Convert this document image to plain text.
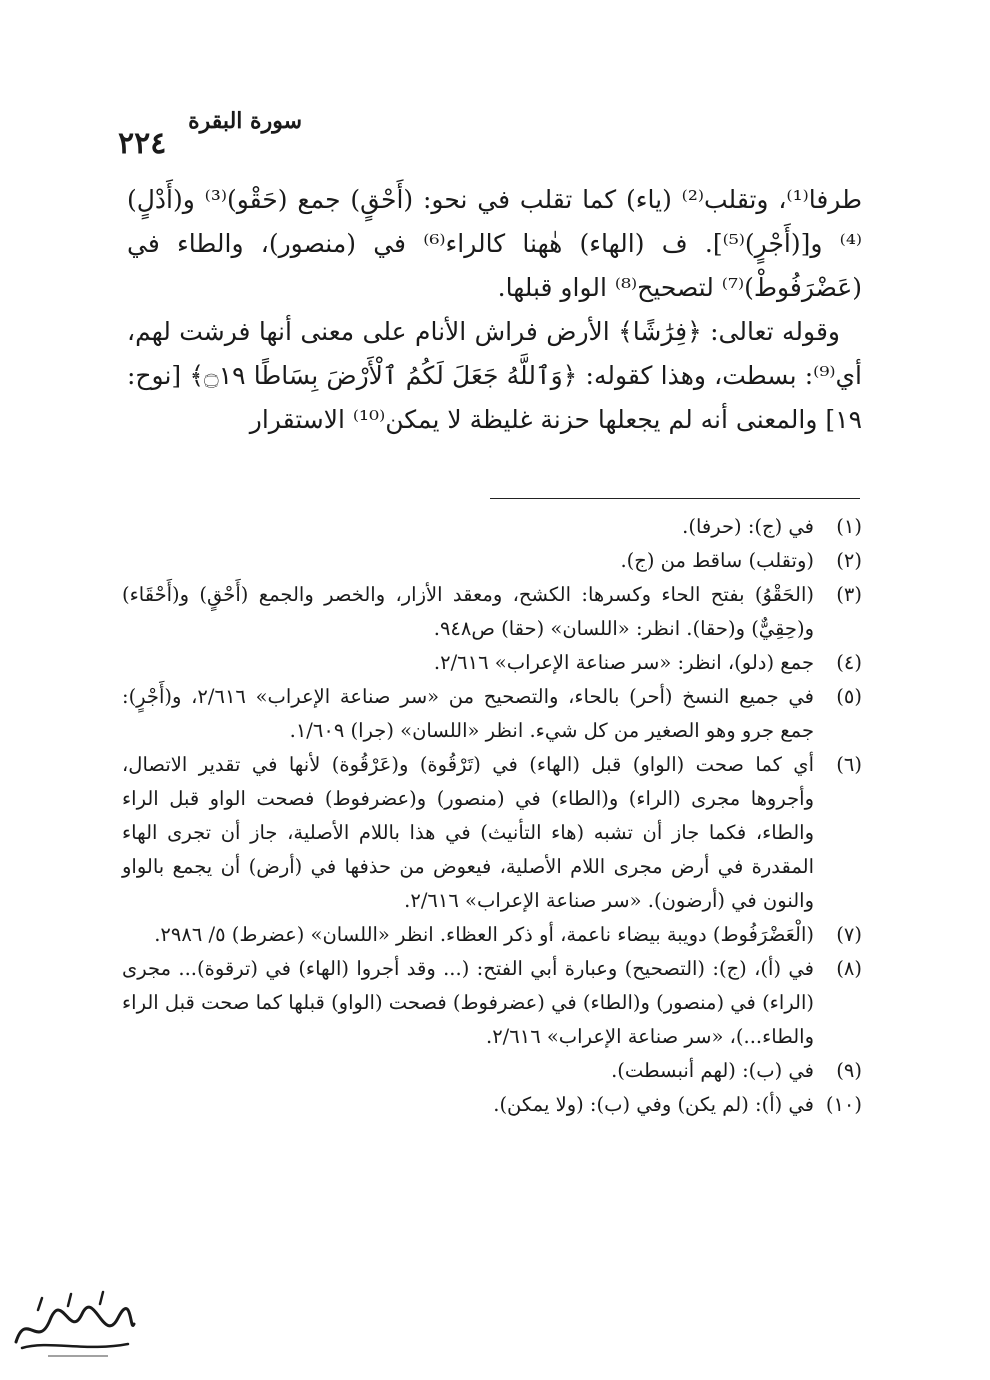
سورة البقرة
٢٢٤

طرفا⁽¹⁾، وتقلب⁽²⁾ (ياء) كما تقلب في نحو: (أَحْقٍ) جمع (حَقْو)⁽³⁾ و(أَدْلٍ)⁽⁴⁾ و[(أَجْرٍ)⁽⁵⁾]. ف (الهاء) هٰهنا كالراء⁽⁶⁾ في (منصور)، والطاء في (عَضْرَفُوطْ)⁽⁷⁾ لتصحيح⁽⁸⁾ الواو قبلها.

وقوله تعالى: ﴿فِرَٰشًا﴾ الأرض فراش الأنام على معنى أنها فرشت لهم، أي⁽⁹⁾: بسطت، وهذا كقوله: ﴿وَٱللَّهُ جَعَلَ لَكُمُ ٱلْأَرْضَ بِسَاطًا ۝١٩﴾ [نوح: ١٩] والمعنى أنه لم يجعلها حزنة غليظة لا يمكن⁽¹⁰⁾ الاستقرار

(١)
في (ج): (حرفا).
(٢)
(وتقلب) ساقط من (ج).
(٣)
(الحَقْوُ) بفتح الحاء وكسرها: الكشح، ومعقد الأزار، والخصر والجمع (أَحْقٍ) و(أَحْقَاء) و(حِقِيٌّ) و(حقا). انظر: «اللسان» (حقا) ص٩٤٨.
(٤)
جمع (دلو)، انظر: «سر صناعة الإعراب» ٢/٦١٦.
(٥)
في جميع النسخ (أحر) بالحاء، والتصحيح من «سر صناعة الإعراب» ٢/٦١٦، و(أَجْرٍ): جمع جرو وهو الصغير من كل شيء. انظر «اللسان» (جرا) ١/٦٠٩.
(٦)
أي كما صحت (الواو) قبل (الهاء) في (تَرْقُوة) و(عَرْقُوة) لأنها في تقدير الاتصال، وأجروها مجرى (الراء) و(الطاء) في (منصور) و(عضرفوط) فصحت الواو قبل الراء والطاء، فكما جاز أن تشبه (هاء التأنيث) في هذا باللام الأصلية، جاز أن تجرى الهاء المقدرة في أرض مجرى اللام الأصلية، فيعوض من حذفها في (أرض) أن يجمع بالواو والنون في (أرضون). «سر صناعة الإعراب» ٢/٦١٦.
(٧)
(الْعَضْرَفُوط) دويبة بيضاء ناعمة، أو ذكر العظاء. انظر «اللسان» (عضرط) ٥/ ٢٩٨٦.
(٨)
في (أ)، (ج): (التصحيح) وعبارة أبي الفتح: (... وقد أجروا (الهاء) في (ترقوة)... مجرى (الراء) في (منصور) و(الطاء) في (عضرفوط) فصحت (الواو) قبلها كما صحت قبل الراء والطاء...)، «سر صناعة الإعراب» ٢/٦١٦.
(٩)
في (ب): (لهم أنبسطت).
(١٠)
في (أ): (لم يكن) وفي (ب): (ولا يمكن).
